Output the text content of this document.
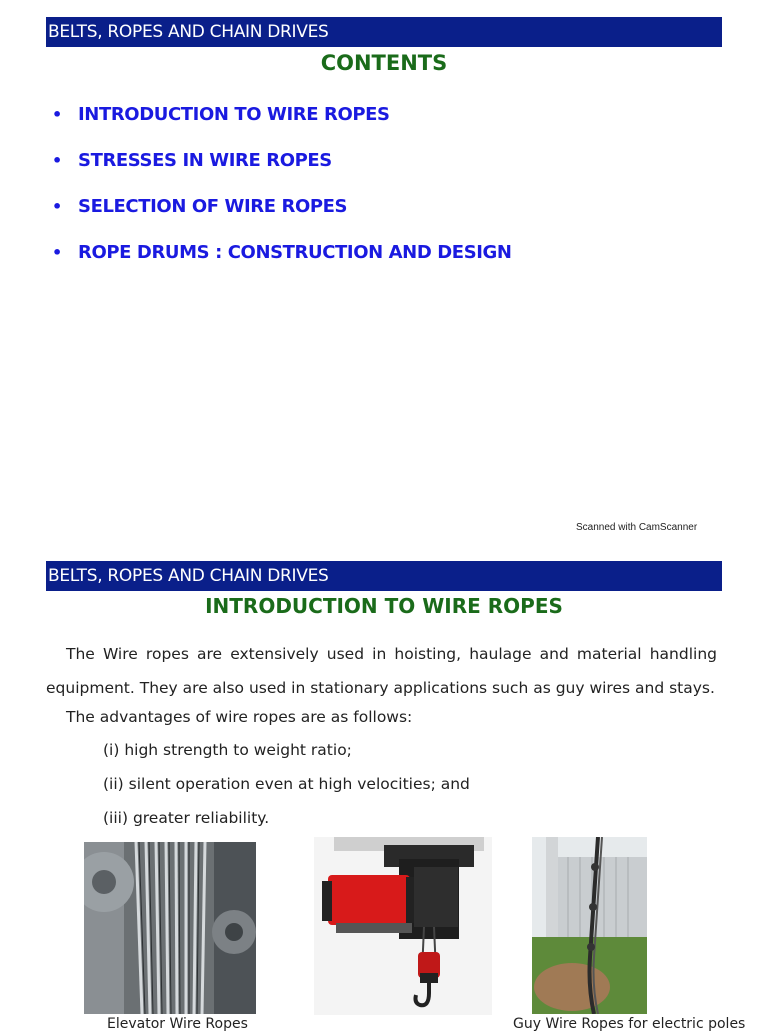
BELTS, ROPES AND CHAIN DRIVES
CONTENTS
• INTRODUCTION TO WIRE ROPES
• STRESSES IN WIRE ROPES
• SELECTION OF WIRE ROPES
• ROPE DRUMS : CONSTRUCTION AND DESIGN
Scanned with CamScanner
BELTS, ROPES AND CHAIN DRIVES
INTRODUCTION TO WIRE ROPES
The Wire ropes are extensively used in hoisting, haulage and material handling equipment. They are also used in stationary applications such as guy wires and stays.
The advantages of wire ropes are as follows:
(i) high strength to weight ratio;
(ii) silent operation even at high velocities; and
(iii) greater reliability.
Elevator Wire Ropes	Guy Wire Ropes for electric poles
